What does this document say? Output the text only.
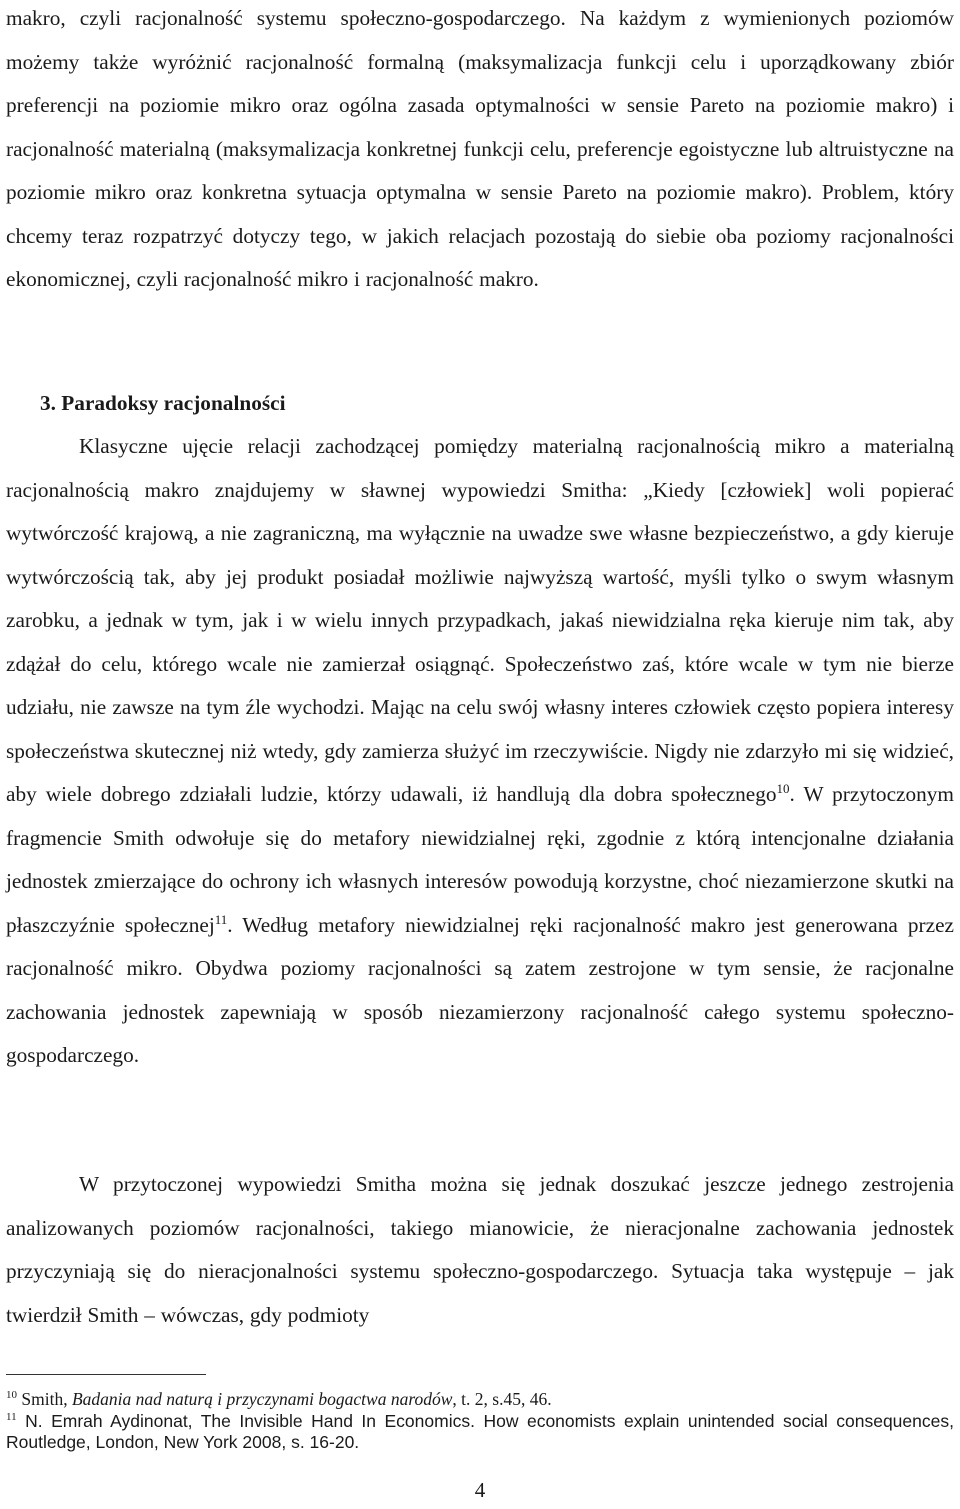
makro, czyli racjonalność systemu społeczno-gospodarczego. Na każdym z wymienionych poziomów możemy także wyróżnić racjonalność formalną (maksymalizacja funkcji celu i uporządkowany zbiór preferencji na poziomie mikro oraz ogólna zasada optymalności w sensie Pareto na poziomie makro) i racjonalność materialną (maksymalizacja konkretnej funkcji celu, preferencje egoistyczne lub altruistyczne na poziomie mikro oraz konkretna sytuacja optymalna w sensie Pareto na poziomie makro). Problem, który chcemy teraz rozpatrzyć dotyczy tego, w jakich relacjach pozostają do siebie oba poziomy racjonalności ekonomicznej, czyli racjonalność mikro i racjonalność makro.

3. Paradoksy racjonalności

Klasyczne ujęcie relacji zachodzącej pomiędzy materialną racjonalnością mikro a materialną racjonalnością makro znajdujemy w sławnej wypowiedzi Smitha: „Kiedy [człowiek] woli popierać wytwórczość krajową, a nie zagraniczną, ma wyłącznie na uwadze swe własne bezpieczeństwo, a gdy kieruje wytwórczością tak, aby jej produkt posiadał możliwie najwyższą wartość, myśli tylko o swym własnym zarobku, a jednak w tym, jak i w wielu innych przypadkach, jakaś niewidzialna ręka kieruje nim tak, aby zdążał do celu, którego wcale nie zamierzał osiągnąć. Społeczeństwo zaś, które wcale w tym nie bierze udziału, nie zawsze na tym źle wychodzi. Mając na celu swój własny interes człowiek często popiera interesy społeczeństwa skutecznej niż wtedy, gdy zamierza służyć im rzeczywiście. Nigdy nie zdarzyło mi się widzieć, aby wiele dobrego zdziałali ludzie, którzy udawali, iż handlują dla dobra społecznego$^{10}$. W przytoczonym fragmencie Smith odwołuje się do metafory niewidzialnej ręki, zgodnie z którą intencjonalne działania jednostek zmierzające do ochrony ich własnych interesów powodują korzystne, choć niezamierzone skutki na płaszczyźnie społecznej$^{11}$. Według metafory niewidzialnej ręki racjonalność makro jest generowana przez racjonalność mikro. Obydwa poziomy racjonalności są zatem zestrojone w tym sensie, że racjonalne zachowania jednostek zapewniają w sposób niezamierzony racjonalność całego systemu społeczno-gospodarczego.

W przytoczonej wypowiedzi Smitha można się jednak doszukać jeszcze jednego zestrojenia analizowanych poziomów racjonalności, takiego mianowicie, że nieracjonalne zachowania jednostek przyczyniają się do nieracjonalności systemu społeczno-gospodarczego. Sytuacja taka występuje – jak twierdził Smith – wówczas, gdy podmioty

$^{10}$ Smith, Badania nad naturą i przyczynami bogactwa narodów, t. 2, s.45, 46.

$^{11}$ N. Emrah Aydinonat, The Invisible Hand In Economics. How economists explain unintended social consequences, Routledge, London, New York 2008, s. 16-20.

4
